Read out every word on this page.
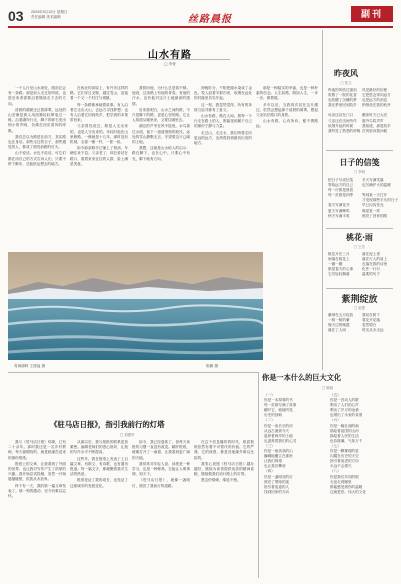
03 2024年5月12日 星期日
责任编辑 美术编辑	丝路晨报	副刊
山水有路
□ 李萱

一个人行至山水深处，眼前总会有一条路。那是前人走过的印痕，也是后来者需要沿着继续走下去的方向。

清晨的湖面还泛着薄雾，远处的山峦像是被人用淡墨轻轻晕染过一般。沿着湖岸行走，脚下的碎石发出细小的声响，仿佛在回应着风的呼吸。

我们总以为路是在前方，其实路也在身后。那些走过的日子，那些遇见的人，都成了照亮前路的灯火。

山不说话，水也不说话，可它们都在用自己的方式告诉人们，只要不停下脚步，总能抵达想去的地方。

在西北的高原上，有许多这样的路。它们穿过戈壁，越过雪山，连接着一个又一个村庄与城镇。

每一条路都承载着故事。有人沿着它走出大山，去远方寻找梦想；也有人沿着它回到故乡，把学到的本领带回来。

父亲曾经说过，路是人走出来的，也是人守出来的。年轻时他在山里修路，一修就是十几年。那时没有机械，全靠一锤一钎，一筐一担。

如今那条路早已铺上了柏油，车辆往来不息。父亲老了，却总爱站在路口，看着来来往往的人群，脸上满是笑意。

我曾问他，为什么总是看不够。他说，这条路上有他的青春，有他的汗水，也有他对这片土地最深的感情。

后来我明白，山水之间的路，不只是脚下的路，更是心里的路。它让人知道从哪里来，又要往哪里去。

湖边的芦苇在风中摇曳，水鸟掠过水面，留下一道道细细的波纹。远处的雪山静默无言，守望着这片辽阔的土地。

我想，这就是山水给人的启示：路在脚下，也在心中。只要心中有光，脚下就有方向。

傍晚时分，夕阳把湖水染成了金色。牧人赶着羊群归来，炊烟在远处的村落里袅袅升起。

这一刻，我忽然觉得，所有的奔波与追寻都有了意义。

山水有路，路在人间。愿每一个行走在路上的人，都能找到属于自己的那份宁静与力量。

走过山，走过水，我们终将走向更远的远方，也终将回到最初出发的地方。

那是一种踏实的幸福，也是一种朴素的信念。人生如路，路如人生，一步一步，都算数。

多年以后，当我再次站在这片湖边，依然会想起那个清晨的薄雾，想起父亲站在路口的身影。

山水有路，心有所向，便不惧路远。

青海湖畔 王德福 摄	陈鹏 摄
昨夜风
□ 张文
昨夜的风吹过窗前
吹散了一院的花香
也吹醒了沉睡的梦
我在梦里回到故乡

母亲还站在门口
父亲还在田间劳作
炊烟升起的时候
我听见了熟悉的呼唤
风是最好的信使
它把思念带向远方
也把远方的消息
悄悄放在我的枕旁

醒来时天已大亮
窗外鸟鸣声声
我知道，那是故乡
在风里向我问候
日子的信笺
□ 李明
把日子写成信笺
寄给远方的自己
每一行都是晨昏
每一页都是四季

春天写满花开
夏天写满蝉鸣
秋天写满丰收
冬天写满雪落
也写满炉火的温暖

等到某一天打开
才发现那些平凡的日子
早已闪闪发光
像星星一样
照亮了回家的路
桃花·雨
□ 王芳
桃花开在三月
雨落在桃花上
一瓣一瓣
都是春天的心事
它们轻轻飘落
落在泥土里
落在行人的肩上
也落在我的诗里
化作一行行
温柔的句子
紫荆绽放
□ 赵强
紫荆在五月绽放
一树一树的紫
像天边的晚霞
落在了人间
我站在树下
看花开花落
忽然明白
时光从未走远
《驻马店日报》，指引我前行的灯塔
□ 刘建华

我与《驻马店日报》结缘，已有二十余年。那时我还是一名乡村教师，每天最期待的，就是邮递员送来的那份报纸。

报纸上的文章，让我看到了外面的世界，也让我对写作产生了浓厚的兴趣。我开始尝试投稿，虽然一开始屡屡碰壁，但我从未放弃。

终于有一天，我的第一篇文章发表了。那一刻的激动，至今仍难以忘怀。

从那以后，我与报纸的联系更加紧密。编辑老师们的悉心指导，让我的写作水平不断提高。

这些年，我在报纸上发表了上百篇文章，有散文、有诗歌，也有通讯报道。每一篇文字，都凝聚着我对生活的热爱。

报纸见证了我的成长，也见证了这座城市的发展变化。

如今，我已经退休了，但每天读报的习惯一直没有改变。翻开报纸，就像打开了一扇窗，让我看到更广阔的天地。

我常常对年轻人说，读报是一种学习，也是一种修养。它能让人明事理、知天下。

《驻马店日报》，就像一盏明灯，照亮了我前行的道路。

在这个信息爆炸的时代，纸质报纸依然有着不可替代的价值。它的严谨、它的深度，都是其他媒介难以比拟的。

我衷心祝愿《驻马店日报》越办越好，继续为读者提供优质的精神食粮，继续做我们前行路上的灯塔。

愿这份情缘，绵延不绝。

你是一本什么的巨大文化
□ 陈晓
（一）
你是一本厚厚的书
每一页都写满了故事
翻开它，就能听见
历史的回响
（二）
你是一条长长的河
从远古流到今天
滋养着两岸的土地
也滋养着我们的心灵
（三）
你是一座高高的山
巍峨地矗立在那里
让我们仰望
也让我们攀登
（四）
你是一盏明亮的灯
照亮了黑暗的夜
指引着迷途的人
找到回家的方向
（五）
你是一首动人的歌
唱出了人们的心声
唱出了岁月的沧桑
也唱出了未来的希望
（六）
你是一幅壮丽的画
描绘着祖国的山河
描绘着人民的生活
色彩斑斓，气象万千
（七）
你是一颗璀璨的星
闪耀在历史的天空
指引着前进的方向
永远不会熄灭
（八）
你是我们共同的根
无论走到哪里
都能感受到你的温暖
这就是你，伟大的文化
